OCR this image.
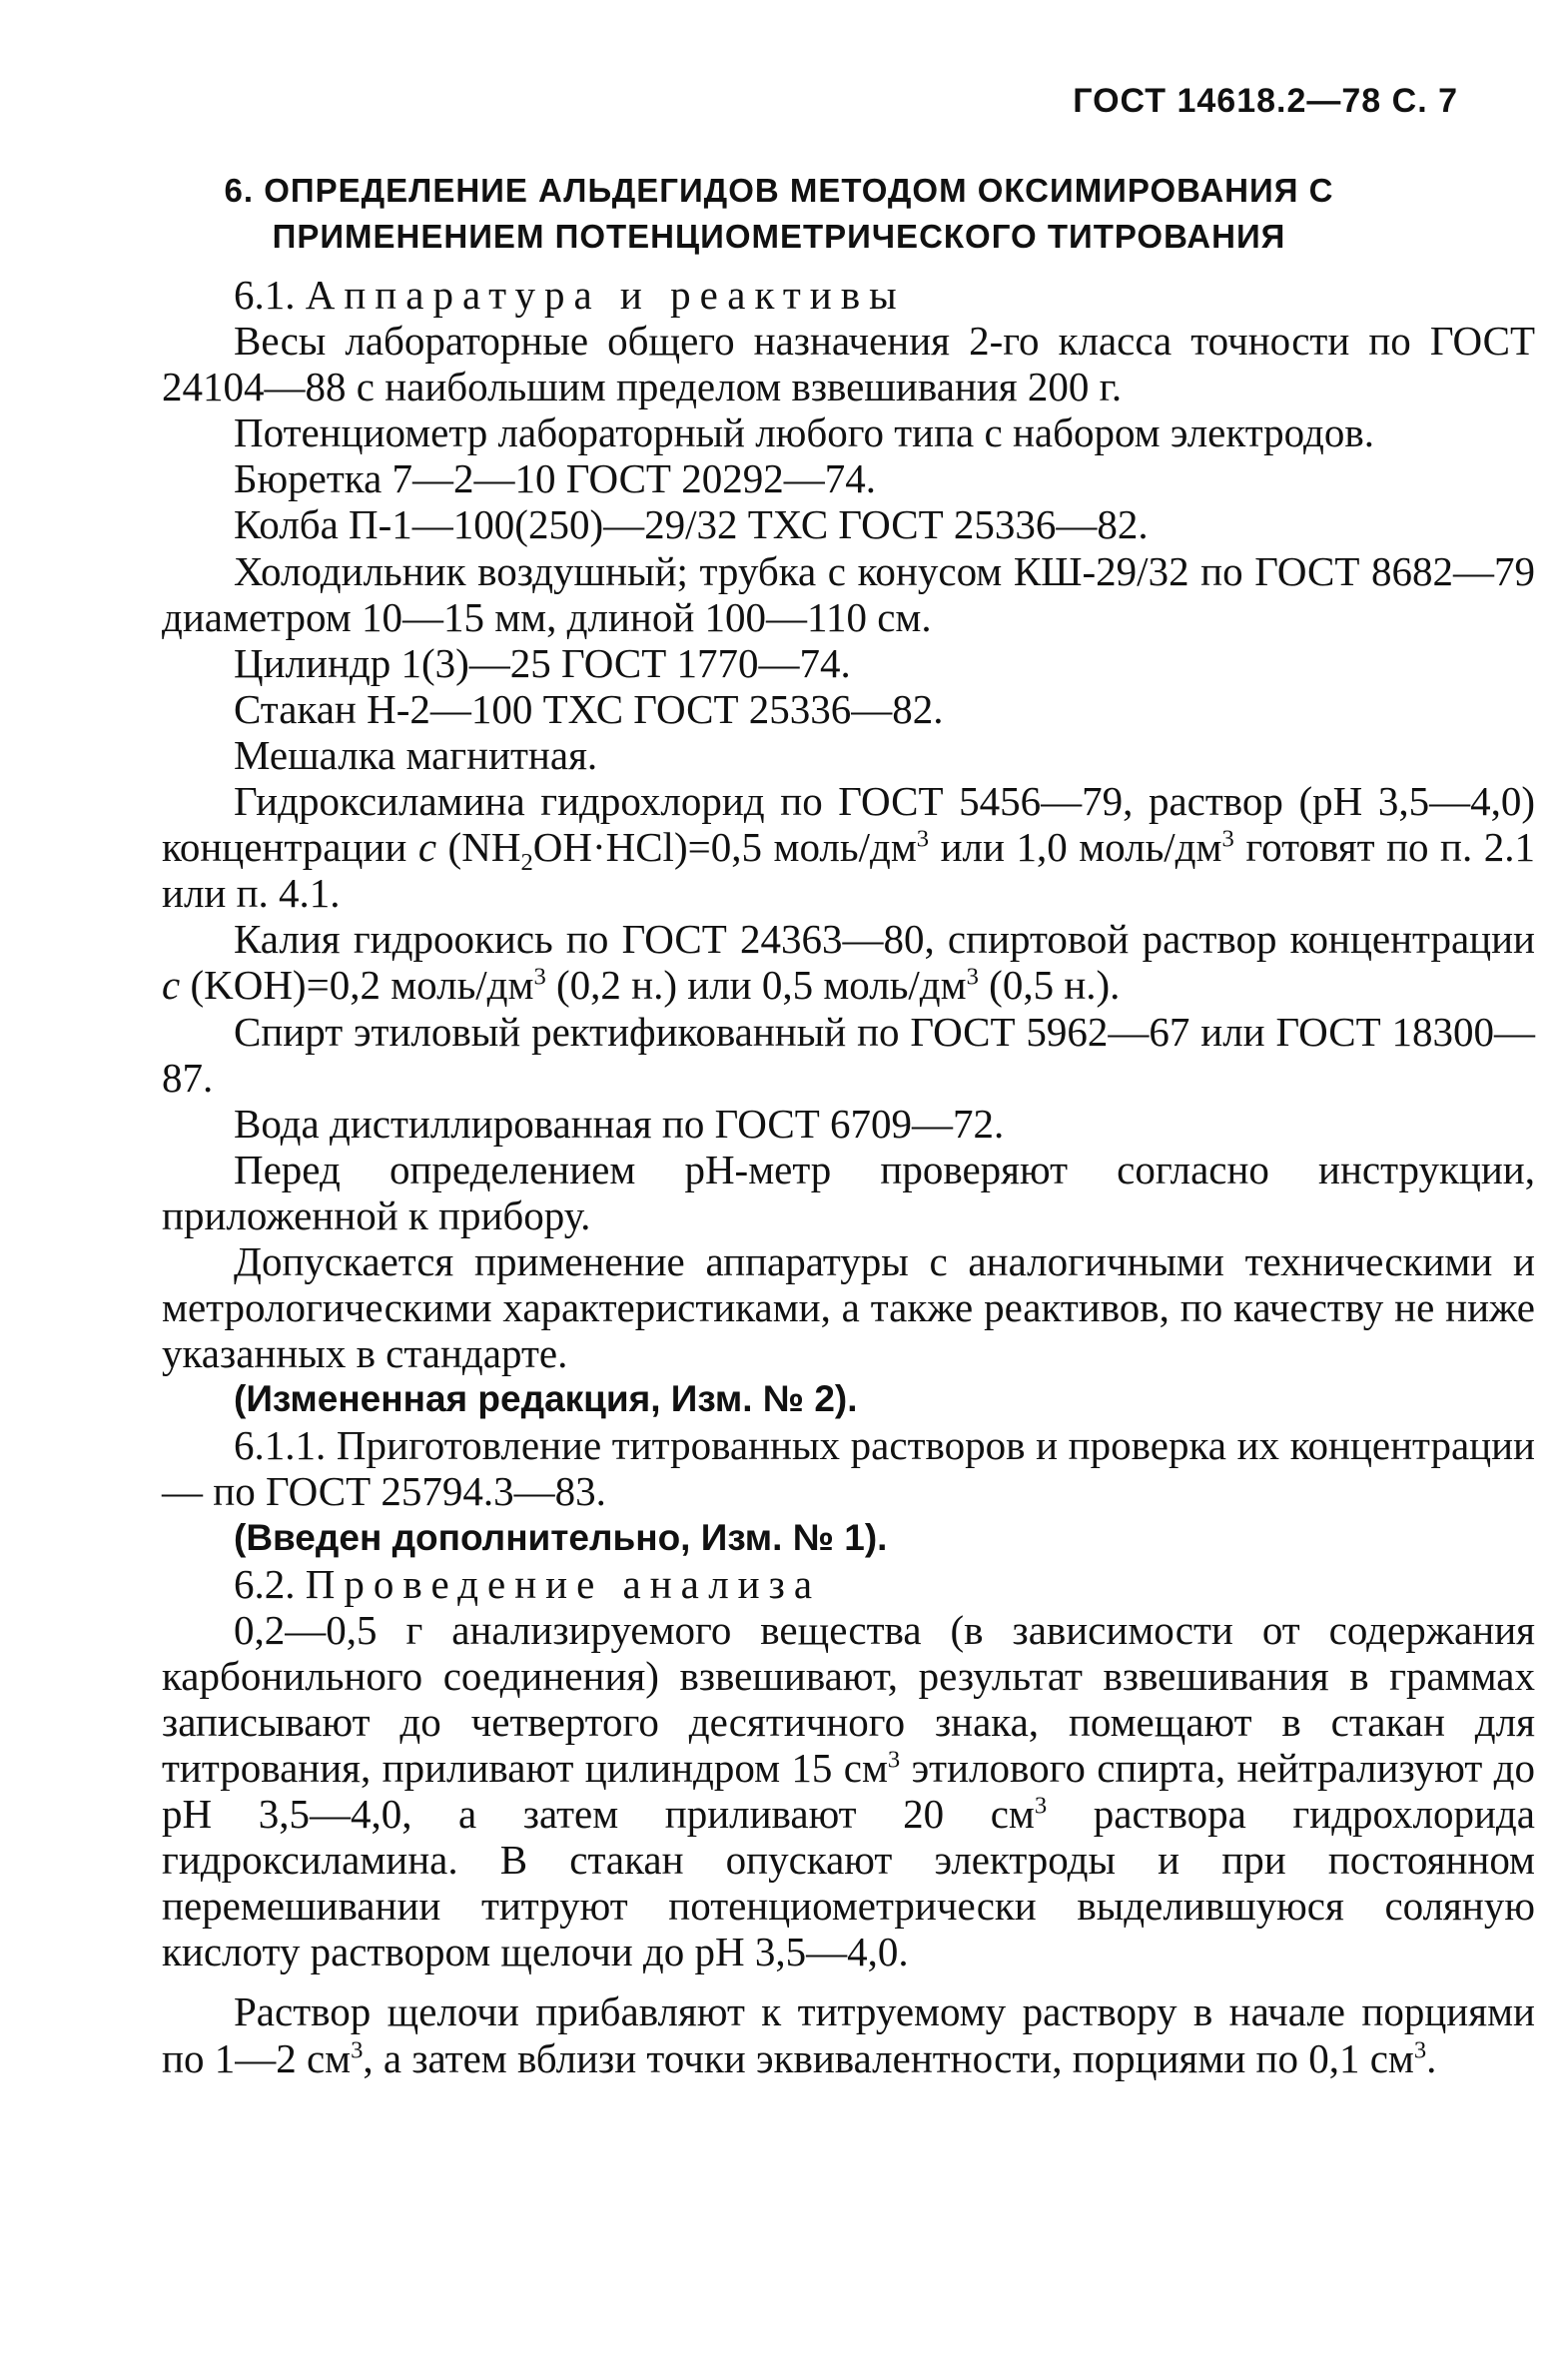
ГОСТ 14618.2—78 С. 7
6. ОПРЕДЕЛЕНИЕ АЛЬДЕГИДОВ МЕТОДОМ ОКСИМИРОВАНИЯ С
ПРИМЕНЕНИЕМ ПОТЕНЦИОМЕТРИЧЕСКОГО ТИТРОВАНИЯ

6.1. Аппаратура и реактивы

Весы лабораторные общего назначения 2-го класса точности по ГОСТ 24104—88 с наибольшим пределом взвешивания 200 г.

Потенциометр лабораторный любого типа с набором электродов.

Бюретка 7—2—10 ГОСТ 20292—74.

Колба П-1—100(250)—29/32 ТХС ГОСТ 25336—82.

Холодильник воздушный; трубка с конусом КШ-29/32 по ГОСТ 8682—79 диаметром 10—15 мм, длиной 100—110 см.

Цилиндр 1(3)—25 ГОСТ 1770—74.

Стакан Н-2—100 ТХС ГОСТ 25336—82.

Мешалка магнитная.

Гидроксиламина гидрохлорид по ГОСТ 5456—79, раствор (pH 3,5—4,0) концентрации c $(NH_2OH\cdot HCl)=0,5$ моль/$дм^3$ или 1,0 моль/$дм^3$ готовят по п. 2.1 или п. 4.1.

Калия гидроокись по ГОСТ 24363—80, спиртовой раствор концентрации c (KOH)=0,2 моль/$дм^3$ (0,2 н.) или 0,5 моль/$дм^3$ (0,5 н.).

Спирт этиловый ректификованный по ГОСТ 5962—67 или ГОСТ 18300—87.

Вода дистиллированная по ГОСТ 6709—72.

Перед определением pH-метр проверяют согласно инструкции, приложенной к прибору.

Допускается применение аппаратуры с аналогичными техническими и метрологическими характеристиками, а также реактивов, по качеству не ниже указанных в стандарте.

(Измененная редакция, Изм. № 2).

6.1.1. Приготовление титрованных растворов и проверка их концентрации — по ГОСТ 25794.3—83.

(Введен дополнительно, Изм. № 1).

6.2. Проведение анализа

0,2—0,5 г анализируемого вещества (в зависимости от содержания карбонильного соединения) взвешивают, результат взвешивания в граммах записывают до четвертого десятичного знака, помещают в стакан для титрования, приливают цилиндром 15 $см^3$ этилового спирта, нейтрализуют до pH 3,5—4,0, а затем приливают 20 $см^3$ раствора гидрохлорида гидроксиламина. В стакан опускают электроды и при постоянном перемешивании титруют потенциометрически выделившуюся соляную кислоту раствором щелочи до pH 3,5—4,0.

Раствор щелочи прибавляют к титруемому раствору в начале порциями по 1—2 $см^3$, а затем вблизи точки эквивалентности, порциями по 0,1 $см^3$.
